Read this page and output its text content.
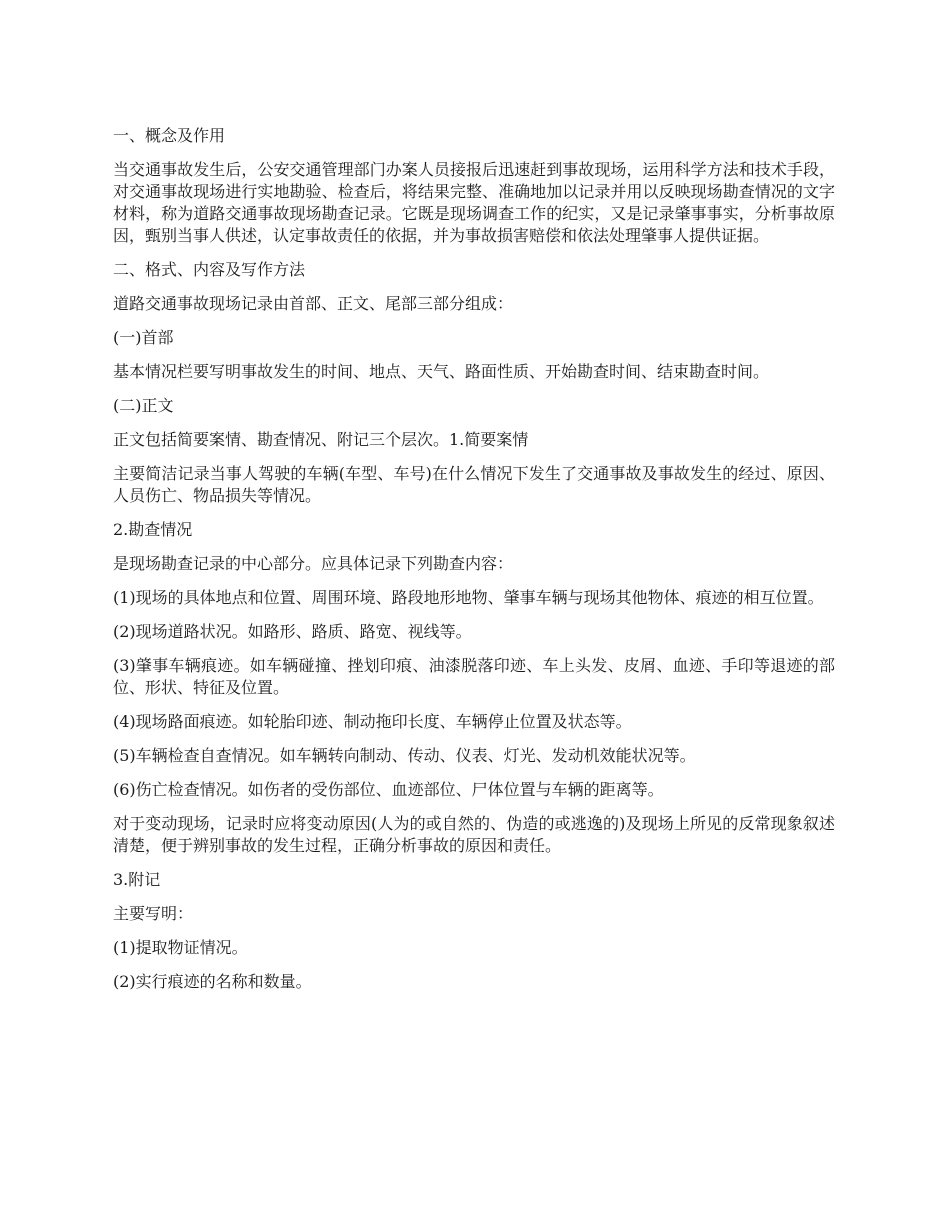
一、概念及作用

当交通事故发生后，公安交通管理部门办案人员接报后迅速赶到事故现场，运用科学方法和技术手段，对交通事故现场进行实地勘验、检查后，将结果完整、准确地加以记录并用以反映现场勘查情况的文字材料，称为道路交通事故现场勘查记录。它既是现场调查工作的纪实，又是记录肇事事实，分析事故原因，甄别当事人供述，认定事故责任的依据，并为事故损害赔偿和依法处理肇事人提供证据。

二、格式、内容及写作方法

道路交通事故现场记录由首部、正文、尾部三部分组成：

(一)首部

基本情况栏要写明事故发生的时间、地点、天气、路面性质、开始勘查时间、结束勘查时间。

(二)正文

正文包括简要案情、勘查情况、附记三个层次。1.简要案情

主要简洁记录当事人驾驶的车辆(车型、车号)在什么情况下发生了交通事故及事故发生的经过、原因、人员伤亡、物品损失等情况。

2.勘查情况

是现场勘查记录的中心部分。应具体记录下列勘查内容：

(1)现场的具体地点和位置、周围环境、路段地形地物、肇事车辆与现场其他物体、痕迹的相互位置。

(2)现场道路状况。如路形、路质、路宽、视线等。

(3)肇事车辆痕迹。如车辆碰撞、挫划印痕、油漆脱落印迹、车上头发、皮屑、血迹、手印等退迹的部位、形状、特征及位置。

(4)现场路面痕迹。如轮胎印迹、制动拖印长度、车辆停止位置及状态等。

(5)车辆检查自查情况。如车辆转向制动、传动、仪表、灯光、发动机效能状况等。

(6)伤亡检查情况。如伤者的受伤部位、血迹部位、尸体位置与车辆的距离等。

对于变动现场，记录时应将变动原因(人为的或自然的、伪造的或逃逸的)及现场上所见的反常现象叙述清楚，便于辨别事故的发生过程，正确分析事故的原因和责任。

3.附记

主要写明：

(1)提取物证情况。

(2)实行痕迹的名称和数量。
